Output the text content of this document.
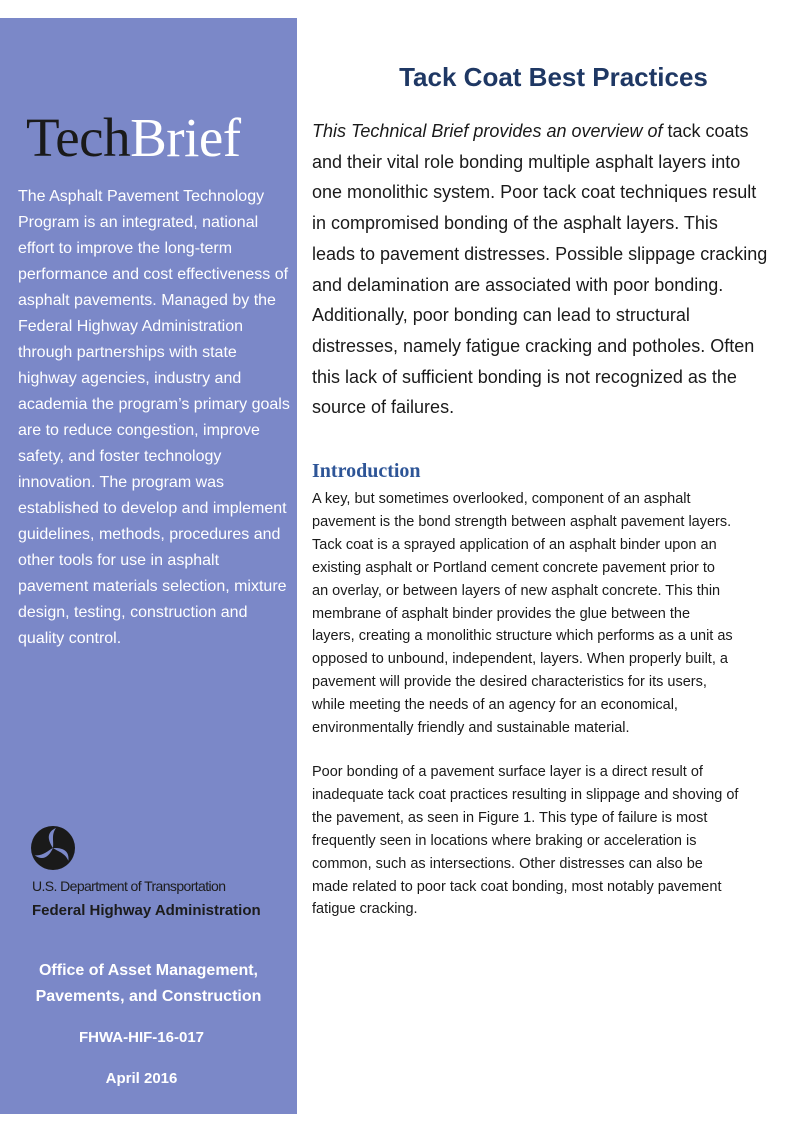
TechBrief

The Asphalt Pavement Technology Program is an integrated, national effort to improve the long-term performance and cost effectiveness of asphalt pavements. Managed by the Federal Highway Administration through partnerships with state highway agencies, industry and academia the program’s primary goals are to reduce congestion, improve safety, and foster technology innovation. The program was established to develop and implement guidelines, methods, procedures and other tools for use in asphalt pavement materials selection, mixture design, testing, construction and quality control.

U.S. Department of Transportation
Federal Highway Administration
Office of Asset Management,
Pavements, and Construction
FHWA-HIF-16-017
April 2016
Tack Coat Best Practices

This Technical Brief provides an overview of tack coats
and their vital role bonding multiple asphalt layers into
one monolithic system. Poor tack coat techniques result
in compromised bonding of the asphalt layers. This
leads to pavement distresses. Possible slippage cracking
and delamination are associated with poor bonding.
Additionally, poor bonding can lead to structural
distresses, namely fatigue cracking and potholes. Often
this lack of sufficient bonding is not recognized as the
source of failures.

Introduction

A key, but sometimes overlooked, component of an asphalt
pavement is the bond strength between asphalt pavement layers.
Tack coat is a sprayed application of an asphalt binder upon an
existing asphalt or Portland cement concrete pavement prior to
an overlay, or between layers of new asphalt concrete. This thin
membrane of asphalt binder provides the glue between the
layers, creating a monolithic structure which performs as a unit as
opposed to unbound, independent, layers. When properly built, a
pavement will provide the desired characteristics for its users,
while meeting the needs of an agency for an economical,
environmentally friendly and sustainable material.

Poor bonding of a pavement surface layer is a direct result of
inadequate tack coat practices resulting in slippage and shoving of
the pavement, as seen in Figure 1. This type of failure is most
frequently seen in locations where braking or acceleration is
common, such as intersections. Other distresses can also be
made related to poor tack coat bonding, most notably pavement
fatigue cracking.
